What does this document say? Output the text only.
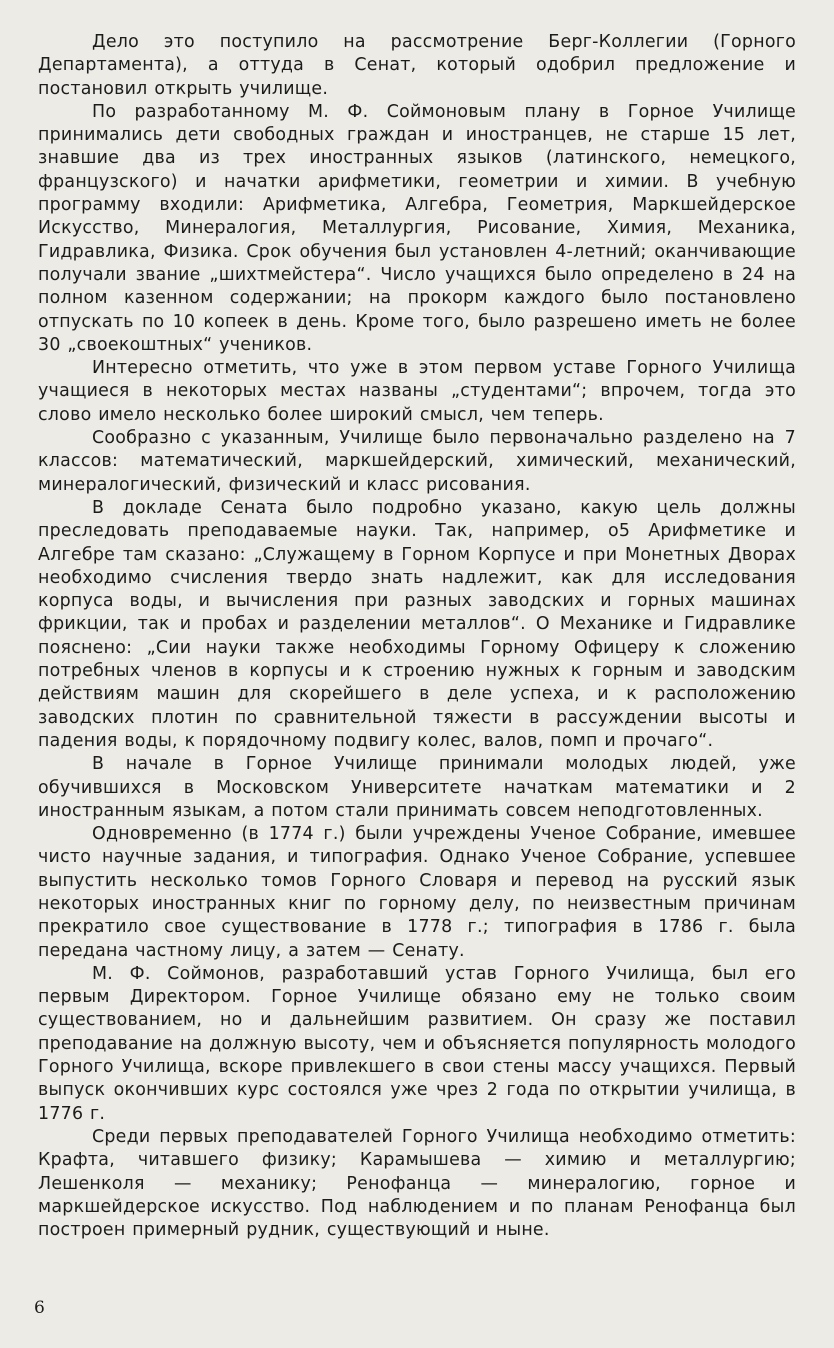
Дело это поступило на рассмотрение Берг-Коллегии (Горного Департамента), а оттуда в Сенат, который одобрил предложение и постановил открыть училище.

По разработанному М. Ф. Соймоновым плану в Горное Училище принимались дети свободных граждан и иностранцев, не старше 15 лет, знавшие два из трех иностранных языков (латинского, немецкого, французского) и начатки арифметики, геометрии и химии. В учебную программу входили: Арифметика, Алгебра, Геометрия, Маркшейдерское Искусство, Минералогия, Металлургия, Рисование, Химия, Механика, Гидравлика, Физика. Срок обучения был установлен 4-летний; оканчивающие получали звание „шихтмейстера“. Число учащихся было определено в 24 на полном казенном содержании; на прокорм каждого было постановлено отпускать по 10 копеек в день. Кроме того, было разрешено иметь не более 30 „своекоштных“ учеников.

Интересно отметить, что уже в этом первом уставе Горного Училища учащиеся в некоторых местах названы „студентами“; впрочем, тогда это слово имело несколько более широкий смысл, чем теперь.

Сообразно с указанным, Училище было первоначально разделено на 7 классов: математический, маркшейдерский, химический, механический, минералогический, физический и класс рисования.

В докладе Сената было подробно указано, какую цель должны преследовать преподаваемые науки. Так, например, о5 Арифметике и Алгебре там сказано: „Служащему в Горном Корпусе и при Монетных Дворах необходимо счисления твердо знать надлежит, как для исследования корпуса воды, и вычисления при разных заводских и горных машинах фрикции, так и пробах и разделении металлов“. О Механике и Гидравлике пояснено: „Сии науки также необходимы Горному Офицеру к сложению потребных членов в корпусы и к строению нужных к горным и заводским действиям машин для скорейшего в деле успеха, и к расположению заводских плотин по сравнительной тяжести в рассуждении высоты и падения воды, к порядочному подвигу колес, валов, помп и прочаго“.

В начале в Горное Училище принимали молодых людей, уже обучившихся в Московском Университете начаткам математики и 2 иностранным языкам, а потом стали принимать совсем неподготовленных.

Одновременно (в 1774 г.) были учреждены Ученое Собрание, имевшее чисто научные задания, и типография. Однако Ученое Собрание, успевшее выпустить несколько томов Горного Словаря и перевод на русский язык некоторых иностранных книг по горному делу, по неизвестным причинам прекратило свое существование в 1778 г.; типография в 1786 г. была передана частному лицу, а затем — Сенату.

М. Ф. Соймонов, разработавший устав Горного Училища, был его первым Директором. Горное Училище обязано ему не только своим существованием, но и дальнейшим развитием. Он сразу же поставил преподавание на должную высоту, чем и объясняется популярность молодого Горного Училища, вскоре привлекшего в свои стены массу учащихся. Первый выпуск окончивших курс состоялся уже чрез 2 года по открытии училища, в 1776 г.

Среди первых преподавателей Горного Училища необходимо отметить: Крафта, читавшего физику; Карамышева — химию и металлургию; Лешенколя — механику; Ренофанца — минералогию, горное и маркшейдерское искусство. Под наблюдением и по планам Ренофанца был построен примерный рудник, существующий и ныне.

6
